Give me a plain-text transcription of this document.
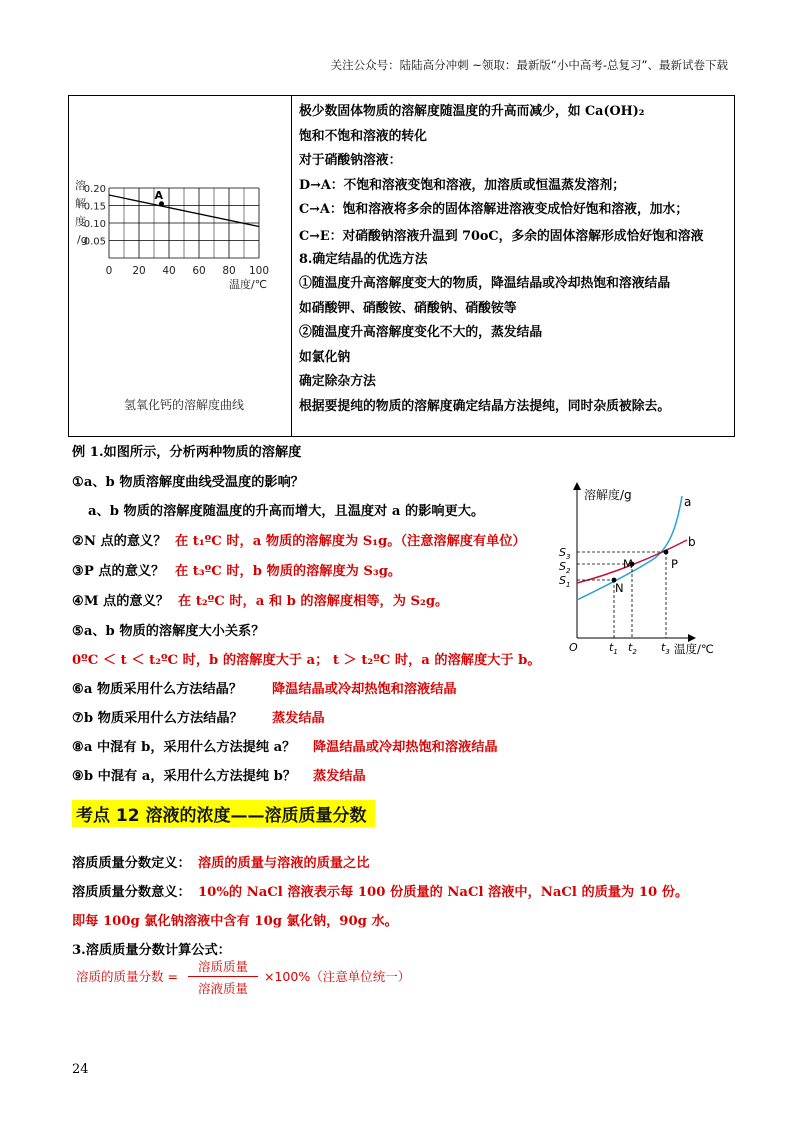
关注公众号：陆陆高分冲刺 ~领取：最新版“小中高考-总复习”、最新试卷下载
溶
解
度
/g
温度/℃
0 20 40 60 80 100
0.20
0.15
0.10
0.05
A
氢氧化钙的溶解度曲线

极少数固体物质的溶解度随温度的升高而减少，如 Ca(OH)₂
饱和不饱和溶液的转化
对于硝酸钠溶液：
D→A：不饱和溶液变饱和溶液，加溶质或恒温蒸发溶剂；
C→A：饱和溶液将多余的固体溶解进溶液变成恰好饱和溶液，加水；
C→E：对硝酸钠溶液升温到 70oC，多余的固体溶解形成恰好饱和溶液
8.确定结晶的优选方法
①随温度升高溶解度变大的物质，降温结晶或冷却热饱和溶液结晶
如硝酸钾、硝酸铵、硝酸钠、硝酸铵等
②随温度升高溶解度变化不大的，蒸发结晶
如氯化钠
确定除杂方法
根据要提纯的物质的溶解度确定结晶方法提纯，同时杂质被除去。
例 1.如图所示，分析两种物质的溶解度
①a、b 物质溶解度曲线受温度的影响？
a、b 物质的溶解度随温度的升高而增大，且温度对 a 的影响更大。
②N 点的意义？ 在 t₁ºC 时，a 物质的溶解度为 S₁g。（注意溶解度有单位）
③P 点的意义？ 在 t₃ºC 时，b 物质的溶解度为 S₃g。
④M 点的意义？ 在 t₂ºC 时，a 和 b 的溶解度相等，为 S₂g。
⑤a、b 物质的溶解度大小关系？
0ºC ＜ t ＜ t₂ºC 时，b 的溶解度大于 a； t ＞ t₂ºC 时，a 的溶解度大于 b。
⑥a 物质采用什么方法结晶？ 降温结晶或冷却热饱和溶液结晶
⑦b 物质采用什么方法结晶？ 蒸发结晶
⑧a 中混有 b，采用什么方法提纯 a？ 降温结晶或冷却热饱和溶液结晶
⑨b 中混有 a，采用什么方法提纯 b？ 蒸发结晶
溶解度/g
温度/℃
O
a
b
M
N
P
$S_3$
$S_2$
$S_1$
$t_1$ $t_2$ $t_3$
考点 12 溶液的浓度——溶质质量分数
溶质质量分数定义： 溶质的质量与溶液的质量之比
溶质质量分数意义： 10%的 NaCl 溶液表示每 100 份质量的 NaCl 溶液中，NaCl 的质量为 10 份。
即每 100g 氯化钠溶液中含有 10g 氯化钠，90g 水。
3.溶质质量分数计算公式：
溶质的质量分数 =
溶质质量
溶液质量
×100%（注意单位统一）
24
